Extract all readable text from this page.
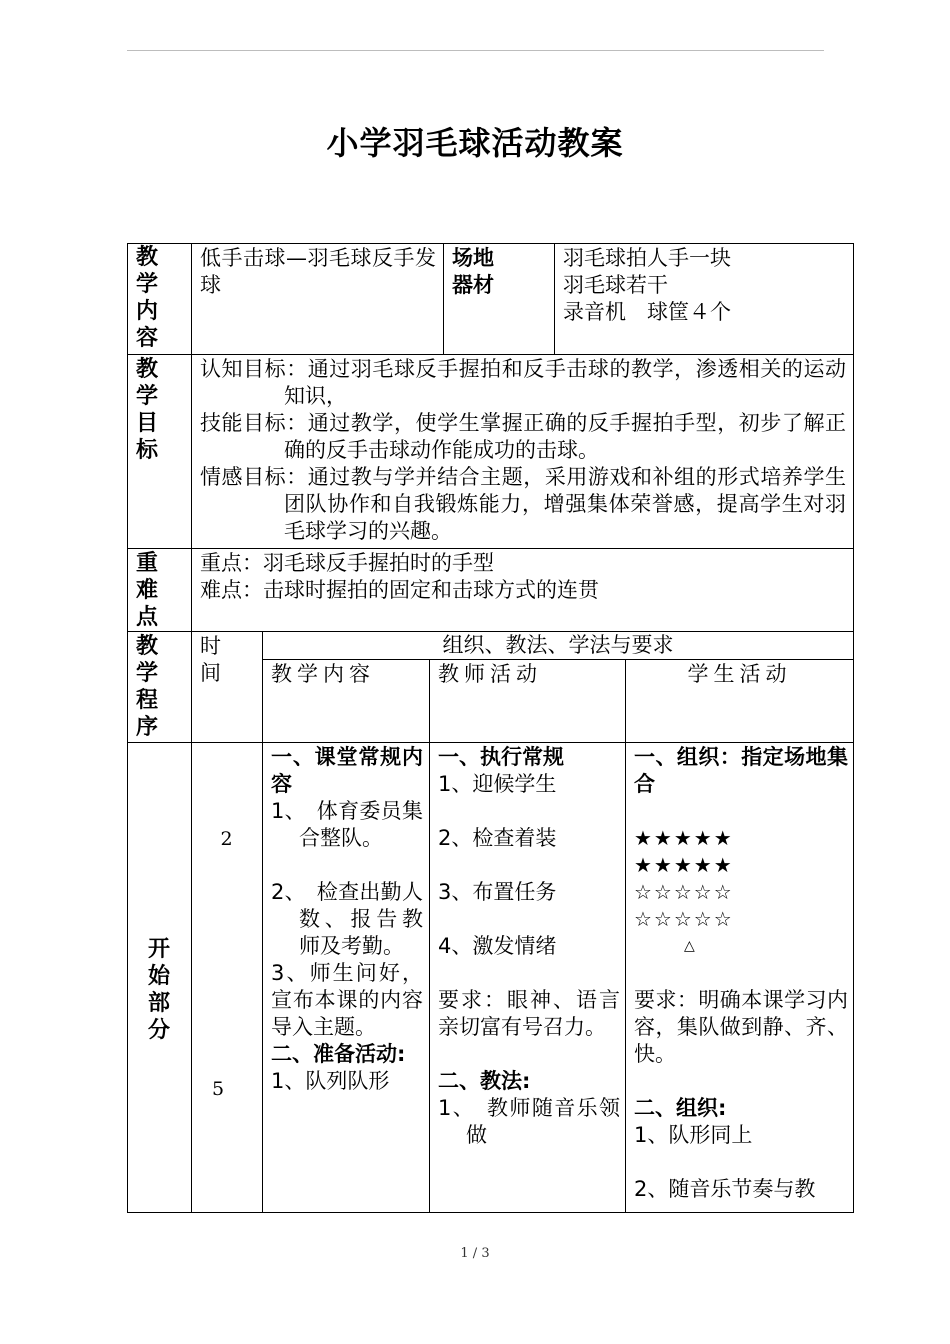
小学羽毛球活动教案
教学内容
低手击球—羽毛球反手发球
场地器材
羽毛球拍人手一块
羽毛球若干
录音机　球筐４个
教学目标
认知目标：通过羽毛球反手握拍和反手击球的教学，渗透相关的运动知识，
技能目标：通过教学，使学生掌握正确的反手握拍手型，初步了解正确的反手击球动作能成功的击球。
情感目标：通过教与学并结合主题，采用游戏和补组的形式培养学生团队协作和自我锻炼能力，增强集体荣誉感，提高学生对羽毛球学习的兴趣。
重难点
重点：羽毛球反手握拍时的手型
难点：击球时握拍的固定和击球方式的连贯
教学程序
时间
组织、教法、学法与要求
教学内容	教师活动	学生活动
开始部分
2
5
一、课堂常规内容
1、　体育委员集合整队。
2、　检查出勤人数、报告教师及考勤。
3、师生问好，宣布本课的内容导入主题。
二、准备活动:
1、队列队形
一、执行常规
1、迎候学生
2、检查着装
3、布置任务
4、激发情绪
要求：眼神、语言亲切富有号召力。
二、教法:
1、　教师随音乐领做
一、组织：指定场地集合
★★★★★
★★★★★
☆☆☆☆☆
☆☆☆☆☆
△
要求：明确本课学习内容，集队做到静、齐、快。
二、组织:
1、队形同上
2、随音乐节奏与教
1 / 3
